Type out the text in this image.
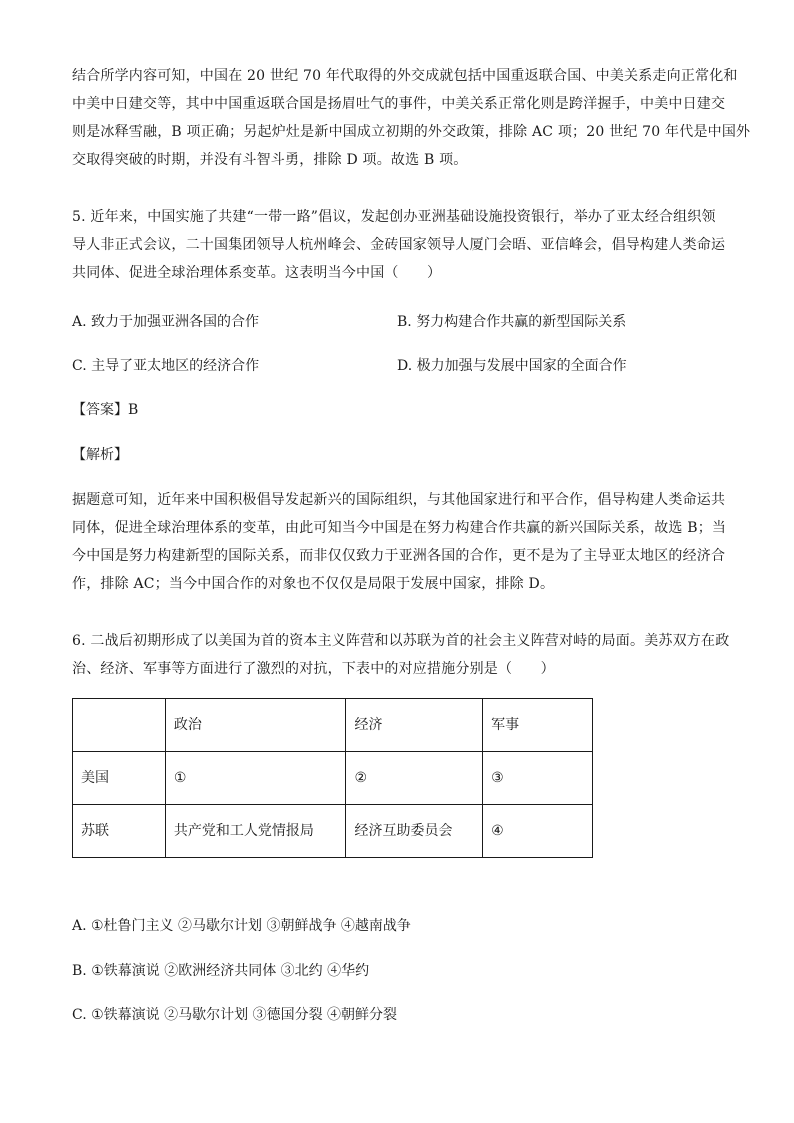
结合所学内容可知，中国在 20 世纪 70 年代取得的外交成就包括中国重返联合国、中美关系走向正常化和
中美中日建交等，其中中国重返联合国是扬眉吐气的事件，中美关系正常化则是跨洋握手，中美中日建交
则是冰释雪融，B 项正确；另起炉灶是新中国成立初期的外交政策，排除 AC 项；20 世纪 70 年代是中国外
交取得突破的时期，并没有斗智斗勇，排除 D 项。故选 B 项。
5. 近年来，中国实施了共建“一带一路”倡议，发起创办亚洲基础设施投资银行，举办了亚太经合组织领
导人非正式会议，二十国集团领导人杭州峰会、金砖国家领导人厦门会晤、亚信峰会，倡导构建人类命运
共同体、促进全球治理体系变革。这表明当今中国（　　）
A. 致力于加强亚洲各国的合作	B. 努力构建合作共赢的新型国际关系
C. 主导了亚太地区的经济合作	D. 极力加强与发展中国家的全面合作
【答案】B
【解析】
据题意可知，近年来中国积极倡导发起新兴的国际组织，与其他国家进行和平合作，倡导构建人类命运共
同体，促进全球治理体系的变革，由此可知当今中国是在努力构建合作共赢的新兴国际关系，故选 B；当
今中国是努力构建新型的国际关系，而非仅仅致力于亚洲各国的合作，更不是为了主导亚太地区的经济合
作，排除 AC；当今中国合作的对象也不仅仅是局限于发展中国家，排除 D。
6. 二战后初期形成了以美国为首的资本主义阵营和以苏联为首的社会主义阵营对峙的局面。美苏双方在政
治、经济、军事等方面进行了激烈的对抗，下表中的对应措施分别是（　　）
	政治	经济	军事
美国	①	②	③
苏联	共产党和工人党情报局	经济互助委员会	④
A. ①杜鲁门主义 ②马歇尔计划 ③朝鲜战争 ④越南战争
B. ①铁幕演说 ②欧洲经济共同体 ③北约 ④华约
C. ①铁幕演说 ②马歇尔计划 ③德国分裂 ④朝鲜分裂
